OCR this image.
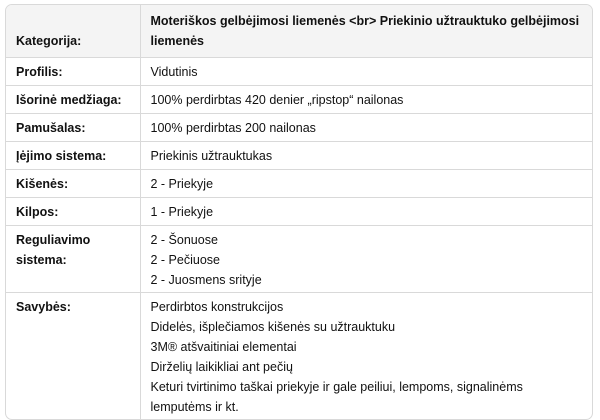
Kategorija:	Moteriškos gelbėjimosi liemenės <br> Priekinio užtrauktuko gelbėjimosi liemenės
Profilis:	Vidutinis
Išorinė medžiaga:	100% perdirbtas 420 denier „ripstop“ nailonas
Pamušalas:	100% perdirbtas 200 nailonas
Įėjimo sistema:	Priekinis užtrauktukas
Kišenės:	2 - Priekyje
Kilpos:	1 - Priekyje
Reguliavimo sistema:	2 - Šonuose
2 - Pečiuose
2 - Juosmens srityje

Savybės:	Perdirbtos konstrukcijos
Didelės, išplečiamos kišenės su užtrauktuku
3M® atšvaitiniai elementai
Dirželių laikikliai ant pečių
Keturi tvirtinimo taškai priekyje ir gale peiliui, lempoms, signalinėms lemputėms ir kt.
